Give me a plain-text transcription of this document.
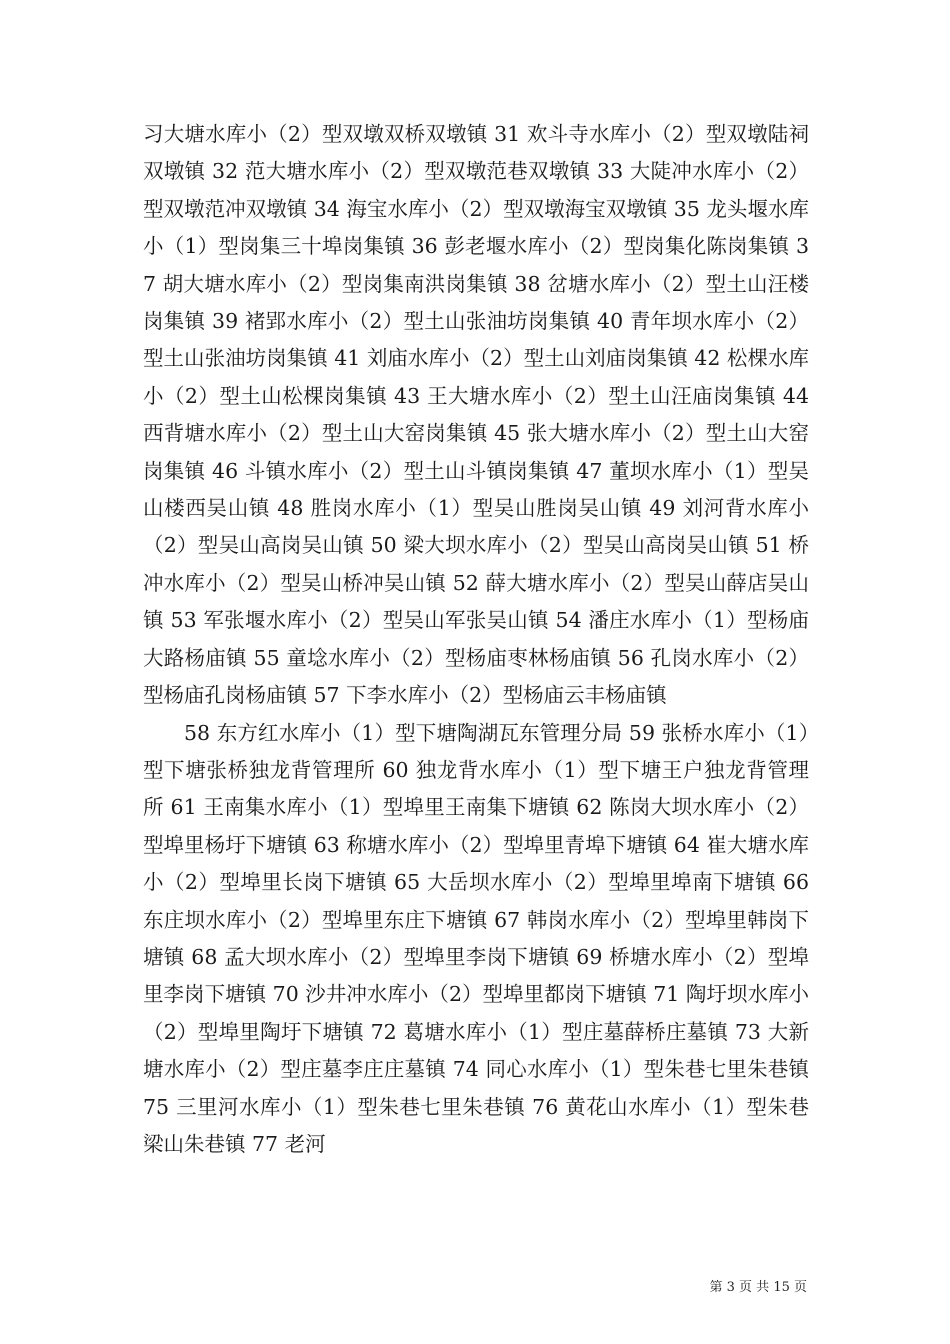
习大塘水库小（2）型双墩双桥双墩镇 31 欢斗寺水库小（2）型双墩陆祠双墩镇 32 范大塘水库小（2）型双墩范巷双墩镇 33 大陡冲水库小（2）型双墩范冲双墩镇 34 海宝水库小（2）型双墩海宝双墩镇 35 龙头堰水库小（1）型岗集三十埠岗集镇 36 彭老堰水库小（2）型岗集化陈岗集镇 37 胡大塘水库小（2）型岗集南洪岗集镇 38 岔塘水库小（2）型土山汪楼岗集镇 39 褚郢水库小（2）型土山张油坊岗集镇 40 青年坝水库小（2）型土山张油坊岗集镇 41 刘庙水库小（2）型土山刘庙岗集镇 42 松棵水库小（2）型土山松棵岗集镇 43 王大塘水库小（2）型土山汪庙岗集镇 44 西背塘水库小（2）型土山大窑岗集镇 45 张大塘水库小（2）型土山大窑岗集镇 46 斗镇水库小（2）型土山斗镇岗集镇 47 董坝水库小（1）型吴山楼西吴山镇 48 胜岗水库小（1）型吴山胜岗吴山镇 49 刘河背水库小（2）型吴山高岗吴山镇 50 梁大坝水库小（2）型吴山高岗吴山镇 51 桥冲水库小（2）型吴山桥冲吴山镇 52 薛大塘水库小（2）型吴山薛店吴山镇 53 军张堰水库小（2）型吴山军张吴山镇 54 潘庄水库小（1）型杨庙大路杨庙镇 55 童埝水库小（2）型杨庙枣林杨庙镇 56 孔岗水库小（2）型杨庙孔岗杨庙镇 57 下李水库小（2）型杨庙云丰杨庙镇

58 东方红水库小（1）型下塘陶湖瓦东管理分局 59 张桥水库小（1）型下塘张桥独龙背管理所 60 独龙背水库小（1）型下塘王户独龙背管理所 61 王南集水库小（1）型埠里王南集下塘镇 62 陈岗大坝水库小（2）型埠里杨圩下塘镇 63 称塘水库小（2）型埠里青埠下塘镇 64 崔大塘水库小（2）型埠里长岗下塘镇 65 大岳坝水库小（2）型埠里埠南下塘镇 66 东庄坝水库小（2）型埠里东庄下塘镇 67 韩岗水库小（2）型埠里韩岗下塘镇 68 孟大坝水库小（2）型埠里李岗下塘镇 69 桥塘水库小（2）型埠里李岗下塘镇 70 沙井冲水库小（2）型埠里都岗下塘镇 71 陶圩坝水库小（2）型埠里陶圩下塘镇 72 葛塘水库小（1）型庄墓薛桥庄墓镇 73 大新塘水库小（2）型庄墓李庄庄墓镇 74 同心水库小（1）型朱巷七里朱巷镇 75 三里河水库小（1）型朱巷七里朱巷镇 76 黄花山水库小（1）型朱巷梁山朱巷镇 77 老河

第 3 页 共 15 页
